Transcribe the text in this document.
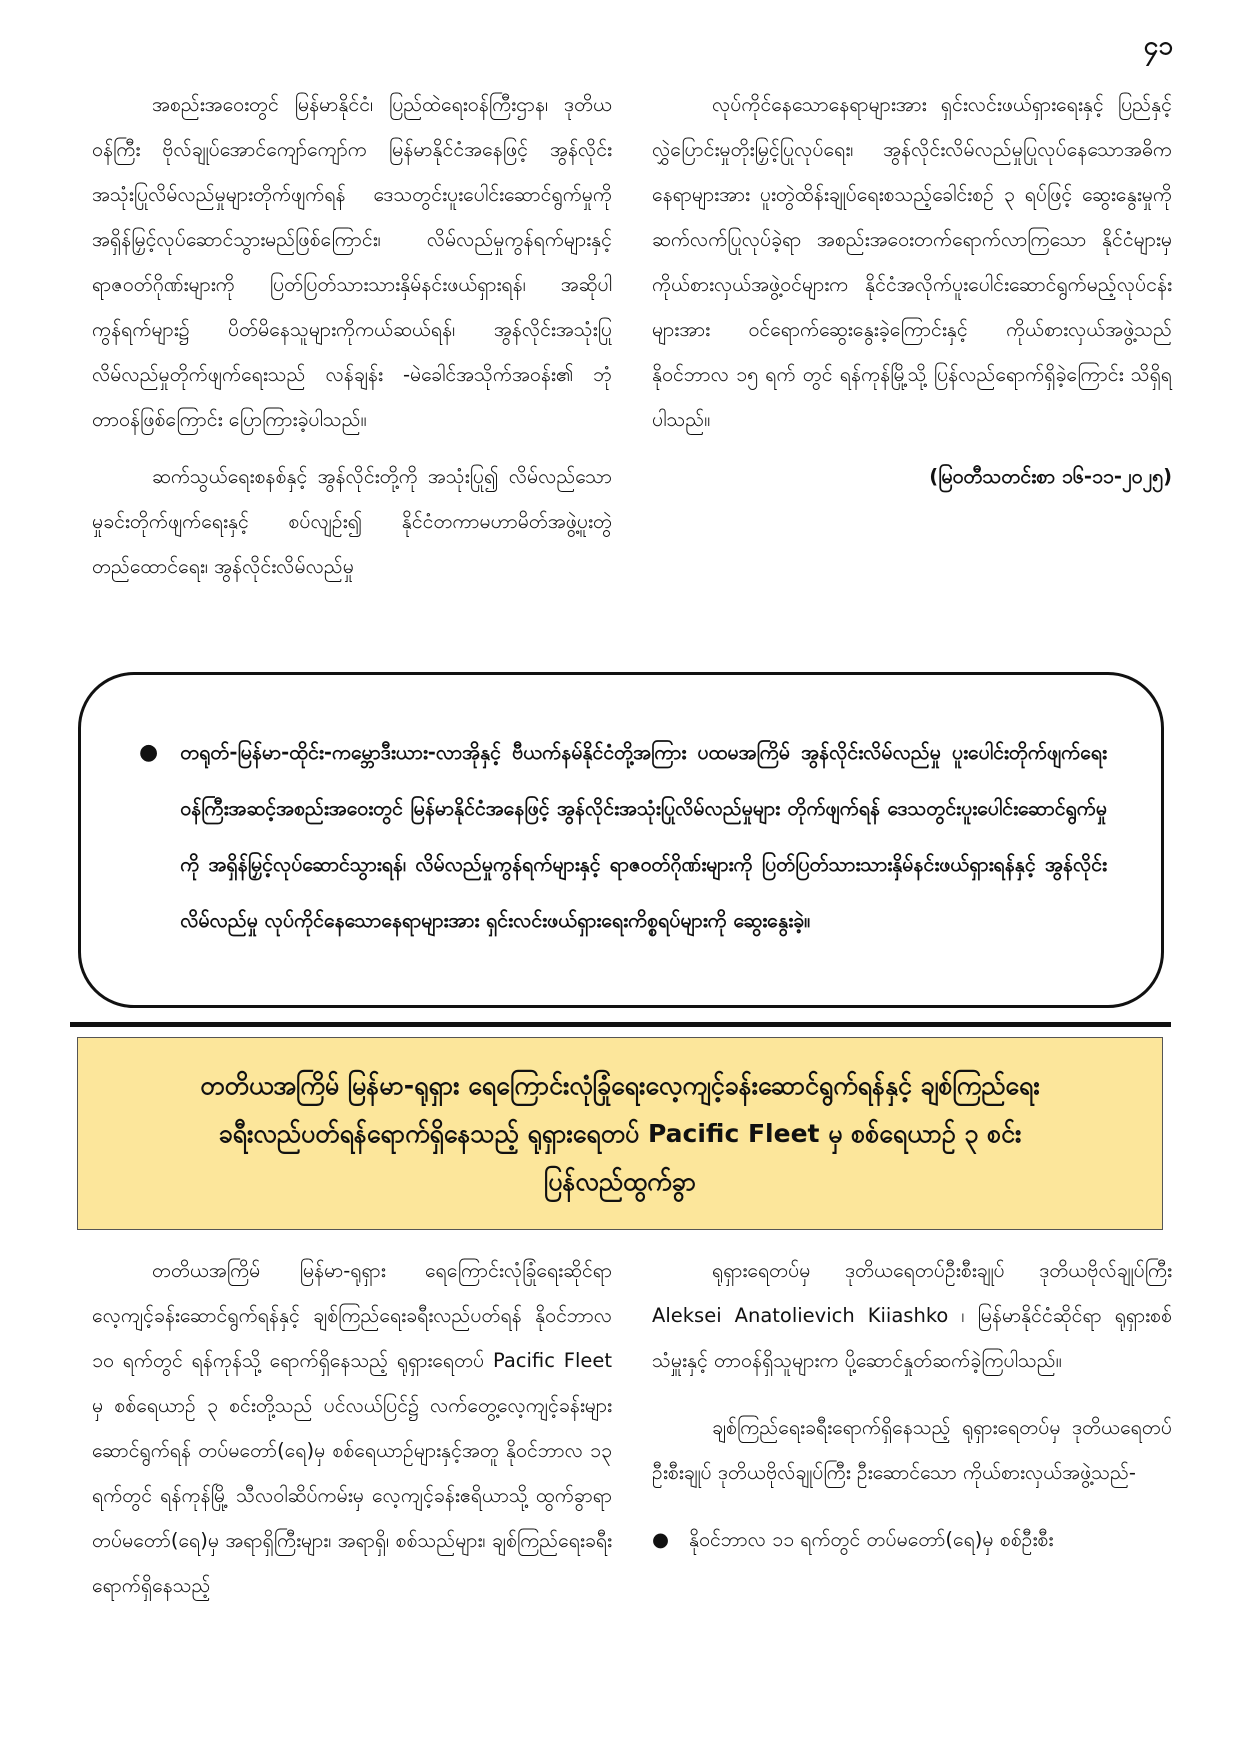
၄၁

အစည်းအဝေးတွင် မြန်မာနိုင်ငံ၊ ပြည်ထဲရေးဝန်ကြီးဌာန၊ ဒုတိယဝန်ကြီး ဗိုလ်ချုပ်အောင်ကျော်ကျော်က မြန်မာနိုင်ငံအနေဖြင့် အွန်လိုင်းအသုံးပြုလိမ်လည်မှုများတိုက်ဖျက်ရန် ဒေသတွင်းပူးပေါင်းဆောင်ရွက်မှုကို အရှိန်မြှင့်လုပ်ဆောင်သွားမည်ဖြစ်ကြောင်း၊ လိမ်လည်မှုကွန်ရက်များနှင့် ရာဇဝတ်ဂိုဏ်းများကို ပြတ်ပြတ်သားသားနှိမ်နင်းဖယ်ရှားရန်၊ အဆိုပါကွန်ရက်များ၌ ပိတ်မိနေသူများကိုကယ်ဆယ်ရန်၊ အွန်လိုင်းအသုံးပြုလိမ်လည်မှုတိုက်ဖျက်ရေးသည် လန်ချန်း -မဲခေါင်အသိုက်အဝန်း၏ ဘုံတာဝန်ဖြစ်ကြောင်း ပြောကြားခဲ့ပါသည်။

ဆက်သွယ်ရေးစနစ်နှင့် အွန်လိုင်းတို့ကို အသုံးပြု၍ လိမ်လည်သောမှုခင်းတိုက်ဖျက်ရေးနှင့် စပ်လျဉ်း၍ နိုင်ငံတကာမဟာမိတ်အဖွဲ့ပူးတွဲတည်ထောင်ရေး၊ အွန်လိုင်းလိမ်လည်မှု

လုပ်ကိုင်နေသောနေရာများအား ရှင်းလင်းဖယ်ရှားရေးနှင့် ပြည်နှင့်လွှဲပြောင်းမှုတိုးမြှင့်ပြုလုပ်ရေး၊ အွန်လိုင်းလိမ်လည်မှုပြုလုပ်နေသောအဓိကနေရာများအား ပူးတွဲထိန်းချုပ်ရေးစသည့်ခေါင်းစဉ် ၃ ရပ်ဖြင့် ဆွေးနွေးမှုကို ဆက်လက်ပြုလုပ်ခဲ့ရာ အစည်းအဝေးတက်ရောက်လာကြသော နိုင်ငံများမှ ကိုယ်စားလှယ်အဖွဲ့ဝင်များက နိုင်ငံအလိုက်ပူးပေါင်းဆောင်ရွက်မည့်လုပ်ငန်းများအား ဝင်ရောက်ဆွေးနွေးခဲ့ကြောင်းနှင့် ကိုယ်စားလှယ်အဖွဲ့သည် နိုဝင်ဘာလ ၁၅ ရက် တွင် ရန်ကုန်မြို့သို့ ပြန်လည်ရောက်ရှိခဲ့ကြောင်း သိရှိရပါသည်။

(မြဝတီသတင်းစာ ၁၆-၁၁-၂၀၂၅)
● တရုတ်-မြန်မာ-ထိုင်း-ကမ္ဘောဒီးယား-လာအိုနှင့် ဗီယက်နမ်နိုင်ငံတို့အကြား ပထမအကြိမ် အွန်လိုင်းလိမ်လည်မှု ပူးပေါင်းတိုက်ဖျက်ရေးဝန်ကြီးအဆင့်အစည်းအဝေးတွင် မြန်မာနိုင်ငံအနေဖြင့် အွန်လိုင်းအသုံးပြုလိမ်လည်မှုများ တိုက်ဖျက်ရန် ဒေသတွင်းပူးပေါင်းဆောင်ရွက်မှုကို အရှိန်မြှင့်လုပ်ဆောင်သွားရန်၊ လိမ်လည်မှုကွန်ရက်များနှင့် ရာဇဝတ်ဂိုဏ်းများကို ပြတ်ပြတ်သားသားနှိမ်နင်းဖယ်ရှားရန်နှင့် အွန်လိုင်းလိမ်လည်မှု လုပ်ကိုင်နေသောနေရာများအား ရှင်းလင်းဖယ်ရှားရေးကိစ္စရပ်များကို ဆွေးနွေးခဲ့။
တတိယအကြိမ် မြန်မာ-ရုရှား ရေကြောင်းလုံခြုံရေးလေ့ကျင့်ခန်းဆောင်ရွက်ရန်နှင့် ချစ်ကြည်ရေး
ခရီးလည်ပတ်ရန်ရောက်ရှိနေသည့် ရုရှားရေတပ် Pacific Fleet မှ စစ်ရေယာဉ် ၃ စင်း
ပြန်လည်ထွက်ခွာ

တတိယအကြိမ် မြန်မာ-ရုရှား ရေကြောင်းလုံခြုံရေးဆိုင်ရာ လေ့ကျင့်ခန်းဆောင်ရွက်ရန်နှင့် ချစ်ကြည်ရေးခရီးလည်ပတ်ရန် နိုဝင်ဘာလ ၁၀ ရက်တွင် ရန်ကုန်သို့ ရောက်ရှိနေသည့် ရုရှားရေတပ် Pacific Fleet မှ စစ်ရေယာဉ် ၃ စင်းတို့သည် ပင်လယ်ပြင်၌ လက်တွေ့လေ့ကျင့်ခန်းများ ဆောင်ရွက်ရန် တပ်မတော်(ရေ)မှ စစ်ရေယာဉ်များနှင့်အတူ နိုဝင်ဘာလ ၁၃ ရက်တွင် ရန်ကုန်မြို့ သီလဝါဆိပ်ကမ်းမှ လေ့ကျင့်ခန်းဧရိယာသို့ ထွက်ခွာရာ တပ်မတော်(ရေ)မှ အရာရှိကြီးများ၊ အရာရှိ၊ စစ်သည်များ၊ ချစ်ကြည်ရေးခရီးရောက်ရှိနေသည့်

ရုရှားရေတပ်မှ ဒုတိယရေတပ်ဦးစီးချုပ် ဒုတိယဗိုလ်ချုပ်ကြီး Aleksei Anatolievich Kiiashko ၊ မြန်မာနိုင်ငံဆိုင်ရာ ရုရှားစစ်သံမှူးနှင့် တာဝန်ရှိသူများက ပို့ဆောင်နှုတ်ဆက်ခဲ့ကြပါသည်။

ချစ်ကြည်ရေးခရီးရောက်ရှိနေသည့် ရုရှားရေတပ်မှ ဒုတိယရေတပ်ဦးစီးချုပ် ဒုတိယဗိုလ်ချုပ်ကြီး ဦးဆောင်သော ကိုယ်စားလှယ်အဖွဲ့သည်-

● နိုဝင်ဘာလ ၁၁ ရက်တွင် တပ်မတော်(ရေ)မှ စစ်ဦးစီး
